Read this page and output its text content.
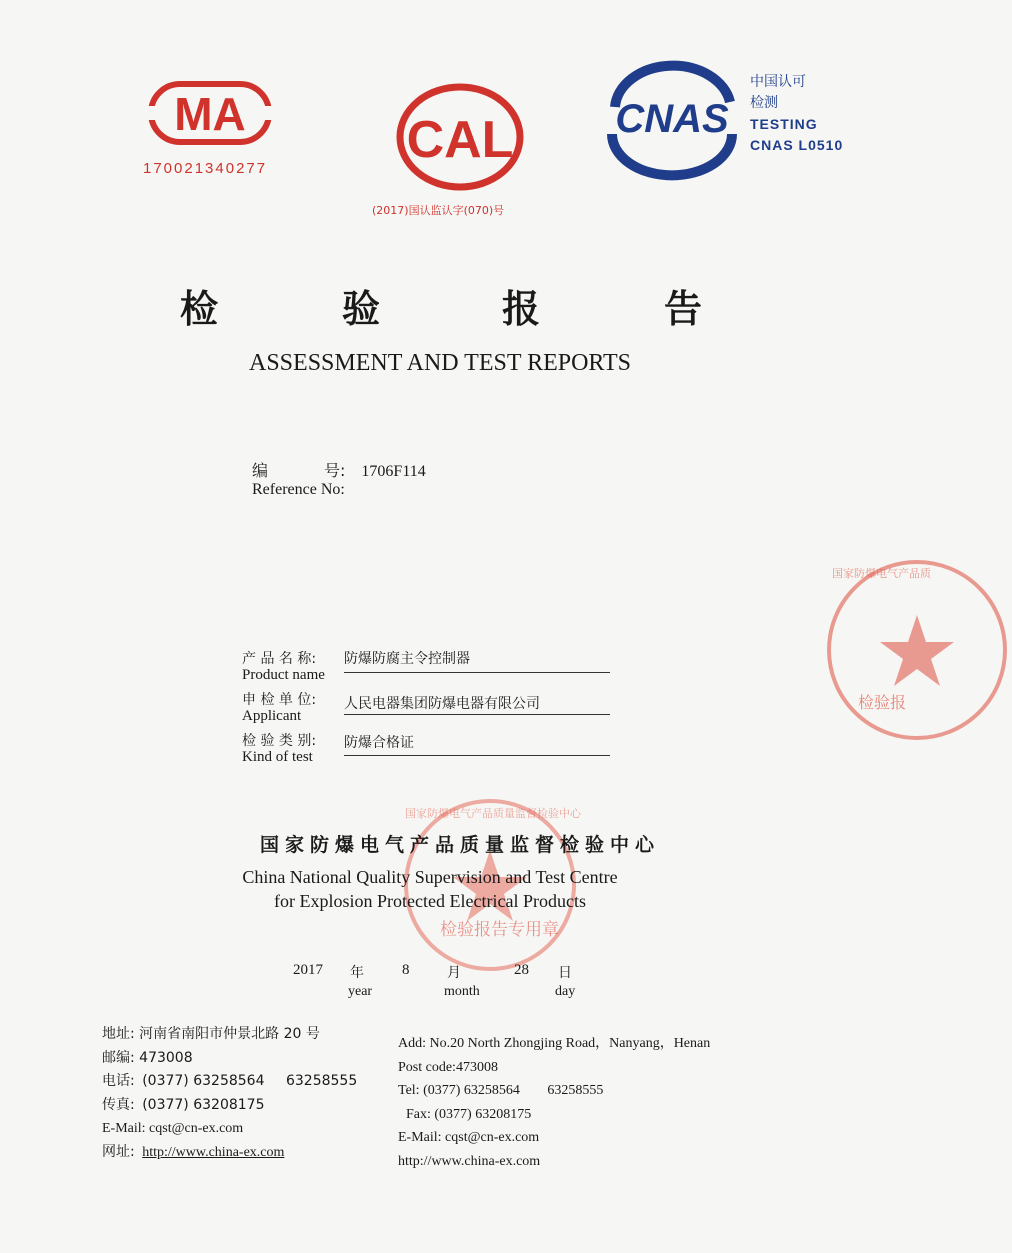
MA
170021340277	CAL
(2017)国认监认字(070)号
CNAS
中国认可
检测
TESTING
CNAS L0510
检	验	报	告
ASSESSMENT AND TEST REPORTS
编	号: 1706F114
Reference No:
产 品 名 称: 防爆防腐主令控制器
Product name
申 检 单 位: 人民电器集团防爆电器有限公司
Applicant
检 验 类 别: 防爆合格证
Kind of test
检验报告专用章
国家防爆电气产品质量监督检验中心
国家防爆电气产品质
检验报
国家防爆电气产品质量监督检验中心
China National Quality Supervision and Test Centre
for Explosion Protected Electrical Products
2017 年
year
8	月
month
28 日
day
地址: 河南省南阳市仲景北路 20 号
邮编: 473008
电话: (0377) 63258564 63258555
传真: (0377) 63208175
E-Mail: cqst@cn-ex.com
网址: http://www.china-ex.com
Add: No.20 North Zhongjing Road，Nanyang，Henan
Post code:473008
Tel: (0377) 63258564 63258555
Fax: (0377) 63208175
E-Mail: cqst@cn-ex.com
http://www.china-ex.com
